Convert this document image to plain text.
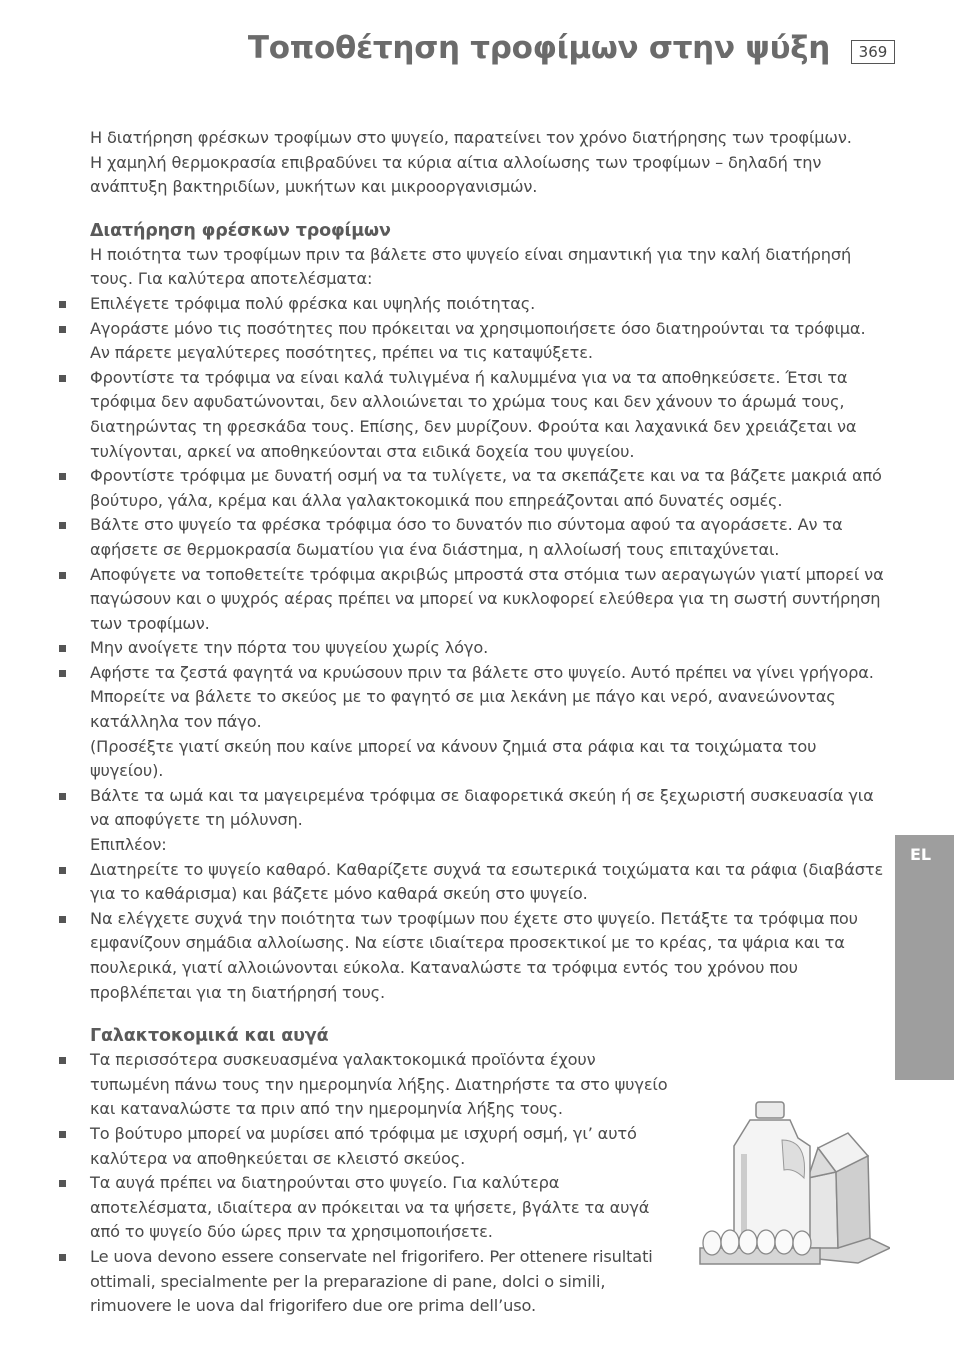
Τοποθέτηση τροφίμων στην ψύξη	369

Η διατήρηση φρέσκων τροφίμων στο ψυγείο, παρατείνει τον χρόνο διατήρησης των τροφίμων.

Η χαμηλή θερμοκρασία επιβραδύνει τα κύρια αίτια αλλοίωσης των τροφίμων – δηλαδή την ανάπτυξη βακτηριδίων, μυκήτων και μικροοργανισμών.

Διατήρηση φρέσκων τροφίμων

Η ποιότητα των τροφίμων πριν τα βάλετε στο ψυγείο είναι σημαντική για την καλή διατήρησή τους. Για καλύτερα αποτελέσματα:

Επιλέγετε τρόφιμα πολύ φρέσκα και υψηλής ποιότητας.
Αγοράστε μόνο τις ποσότητες που πρόκειται να χρησιμοποιήσετε όσο διατηρούνται τα τρόφιμα. Αν πάρετε μεγαλύτερες ποσότητες, πρέπει να τις καταψύξετε.
Φροντίστε τα τρόφιμα να είναι καλά τυλιγμένα ή καλυμμένα για να τα αποθηκεύσετε. Έτσι τα τρόφιμα δεν αφυδατώνονται, δεν αλλοιώνεται το χρώμα τους και δεν χάνουν το άρωμά τους, διατηρώντας τη φρεσκάδα τους. Επίσης, δεν μυρίζουν. Φρούτα και λαχανικά δεν χρειάζεται να τυλίγονται, αρκεί να αποθηκεύονται στα ειδικά δοχεία του ψυγείου.
Φροντίστε τρόφιμα με δυνατή οσμή να τα τυλίγετε, να τα σκεπάζετε και να τα βάζετε μακριά από βούτυρο, γάλα, κρέμα και άλλα γαλακτοκομικά που επηρεάζονται από δυνατές οσμές.
Βάλτε στο ψυγείο τα φρέσκα τρόφιμα όσο το δυνατόν πιο σύντομα αφού τα αγοράσετε. Αν τα αφήσετε σε θερμοκρασία δωματίου για ένα διάστημα, η αλλοίωσή τους επιταχύνεται.
Αποφύγετε να τοποθετείτε τρόφιμα ακριβώς μπροστά στα στόμια των αεραγωγών γιατί μπορεί να παγώσουν και ο ψυχρός αέρας πρέπει να μπορεί να κυκλοφορεί ελεύθερα για τη σωστή συντήρηση των τροφίμων.
Μην ανοίγετε την πόρτα του ψυγείου χωρίς λόγο.
Αφήστε τα ζεστά φαγητά να κρυώσουν πριν τα βάλετε στο ψυγείο. Αυτό πρέπει να γίνει γρήγορα. Μπορείτε να βάλετε το σκεύος με το φαγητό σε μια λεκάνη με πάγο και νερό, ανανεώνοντας κατάλληλα τον πάγο.
(Προσέξτε γιατί σκεύη που καίνε μπορεί να κάνουν ζημιά στα ράφια και τα τοιχώματα του ψυγείου).
Βάλτε τα ωμά και τα μαγειρεμένα τρόφιμα σε διαφορετικά σκεύη ή σε ξεχωριστή συσκευασία για να αποφύγετε τη μόλυνση.
Επιπλέον:
Διατηρείτε το ψυγείο καθαρό. Καθαρίζετε συχνά τα εσωτερικά τοιχώματα και τα ράφια (διαβάστε για το καθάρισμα) και βάζετε μόνο καθαρά σκεύη στο ψυγείο.
Να ελέγχετε συχνά την ποιότητα των τροφίμων που έχετε στο ψυγείο. Πετάξτε τα τρόφιμα που εμφανίζουν σημάδια αλλοίωσης. Να είστε ιδιαίτερα προσεκτικοί με το κρέας, τα ψάρια και τα πουλερικά, γιατί αλλοιώνονται εύκολα. Καταναλώστε τα τρόφιμα εντός του χρόνου που προβλέπεται για τη διατήρησή τους.

Γαλακτοκομικά και αυγά

Τα περισσότερα συσκευασμένα γαλακτοκομικά προϊόντα έχουν τυπωμένη πάνω τους την ημερομηνία λήξης. Διατηρήστε τα στο ψυγείο και καταναλώστε τα πριν από την ημερομηνία λήξης τους.
Το βούτυρο μπορεί να μυρίσει από τρόφιμα με ισχυρή οσμή, γι’ αυτό καλύτερα να αποθηκεύεται σε κλειστό σκεύος.
Τα αυγά πρέπει να διατηρούνται στο ψυγείο. Για καλύτερα αποτελέσματα, ιδιαίτερα αν πρόκειται να τα ψήσετε, βγάλτε τα αυγά από το ψυγείο δύο ώρες πριν τα χρησιμοποιήσετε.
Le uova devono essere conservate nel frigorifero. Per ottenere risultati ottimali, specialmente per la preparazione di pane, dolci o simili, rimuovere le uova dal frigorifero due ore prima dell’uso.
EL
